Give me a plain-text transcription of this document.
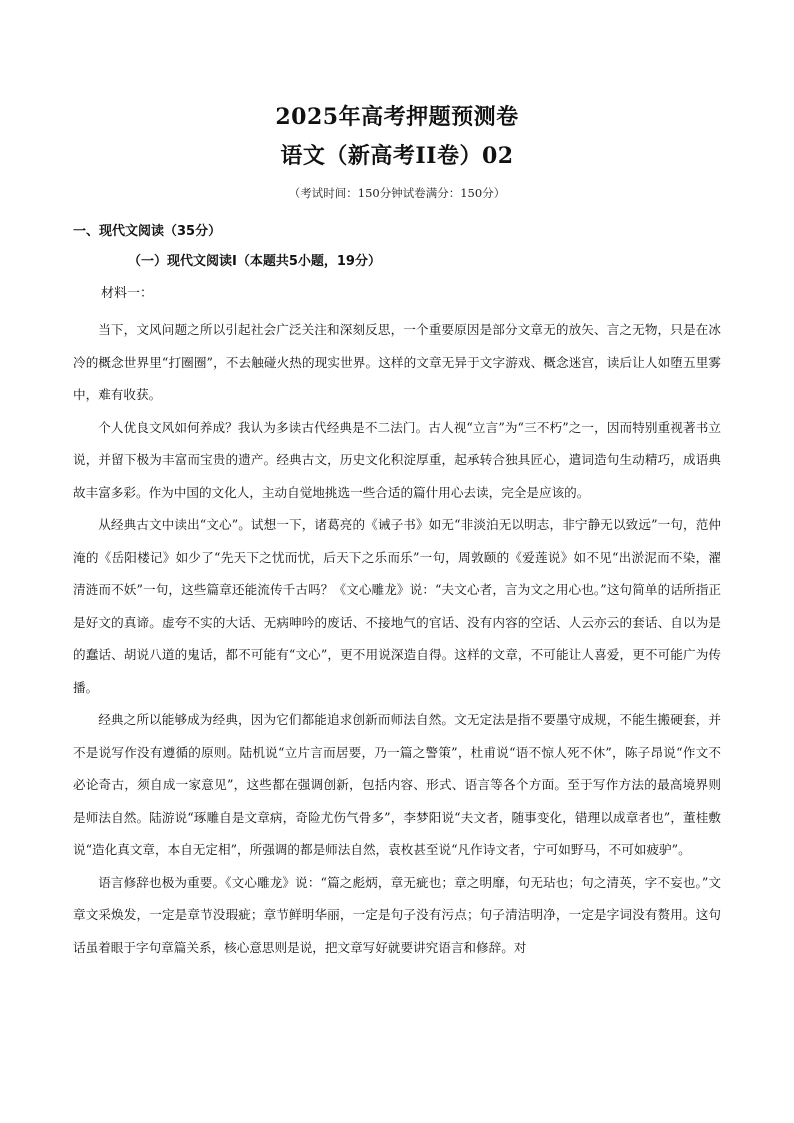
2025年高考押题预测卷
语文（新高考II卷）02
（考试时间：150分钟试卷满分：150分）
一、现代文阅读（35分）
（一）现代文阅读Ⅰ（本题共5小题，19分）
材料一：

当下，文风问题之所以引起社会广泛关注和深刻反思，一个重要原因是部分文章无的放矢、言之无物，只是在冰冷的概念世界里“打圈圈”，不去触碰火热的现实世界。这样的文章无异于文字游戏、概念迷宫，读后让人如堕五里雾中，难有收获。

个人优良文风如何养成？我认为多读古代经典是不二法门。古人视“立言”为“三不朽”之一，因而特别重视著书立说，并留下极为丰富而宝贵的遗产。经典古文，历史文化积淀厚重，起承转合独具匠心，遣词造句生动精巧，成语典故丰富多彩。作为中国的文化人，主动自觉地挑选一些合适的篇什用心去读，完全是应该的。

从经典古文中读出“文心”。试想一下，诸葛亮的《诫子书》如无“非淡泊无以明志，非宁静无以致远”一句，范仲淹的《岳阳楼记》如少了“先天下之忧而忧，后天下之乐而乐”一句，周敦颐的《爱莲说》如不见“出淤泥而不染，濯清涟而不妖”一句，这些篇章还能流传千古吗？《文心雕龙》说：“夫文心者，言为文之用心也。”这句简单的话所指正是好文的真谛。虚夸不实的大话、无病呻吟的废话、不接地气的官话、没有内容的空话、人云亦云的套话、自以为是的蠢话、胡说八道的鬼话，都不可能有“文心”，更不用说深造自得。这样的文章，不可能让人喜爱，更不可能广为传播。

经典之所以能够成为经典，因为它们都能追求创新而师法自然。文无定法是指不要墨守成规，不能生搬硬套，并不是说写作没有遵循的原则。陆机说“立片言而居要，乃一篇之警策”，杜甫说“语不惊人死不休”，陈子昂说“作文不必论奇古，须自成一家意见”，这些都在强调创新，包括内容、形式、语言等各个方面。至于写作方法的最高境界则是师法自然。陆游说“琢雕自是文章病，奇险尤伤气骨多”，李梦阳说“夫文者，随事变化，错理以成章者也”，董桂敷说“造化真文章，本自无定相”，所强调的都是师法自然，袁枚甚至说“凡作诗文者，宁可如野马，不可如疲驴”。

语言修辞也极为重要。《文心雕龙》说：“篇之彪炳，章无疵也；章之明靡，句无玷也；句之清英，字不妄也。”文章文采焕发，一定是章节没瑕疵；章节鲜明华丽，一定是句子没有污点；句子清洁明净，一定是字词没有赘用。这句话虽着眼于字句章篇关系，核心意思则是说，把文章写好就要讲究语言和修辞。对
